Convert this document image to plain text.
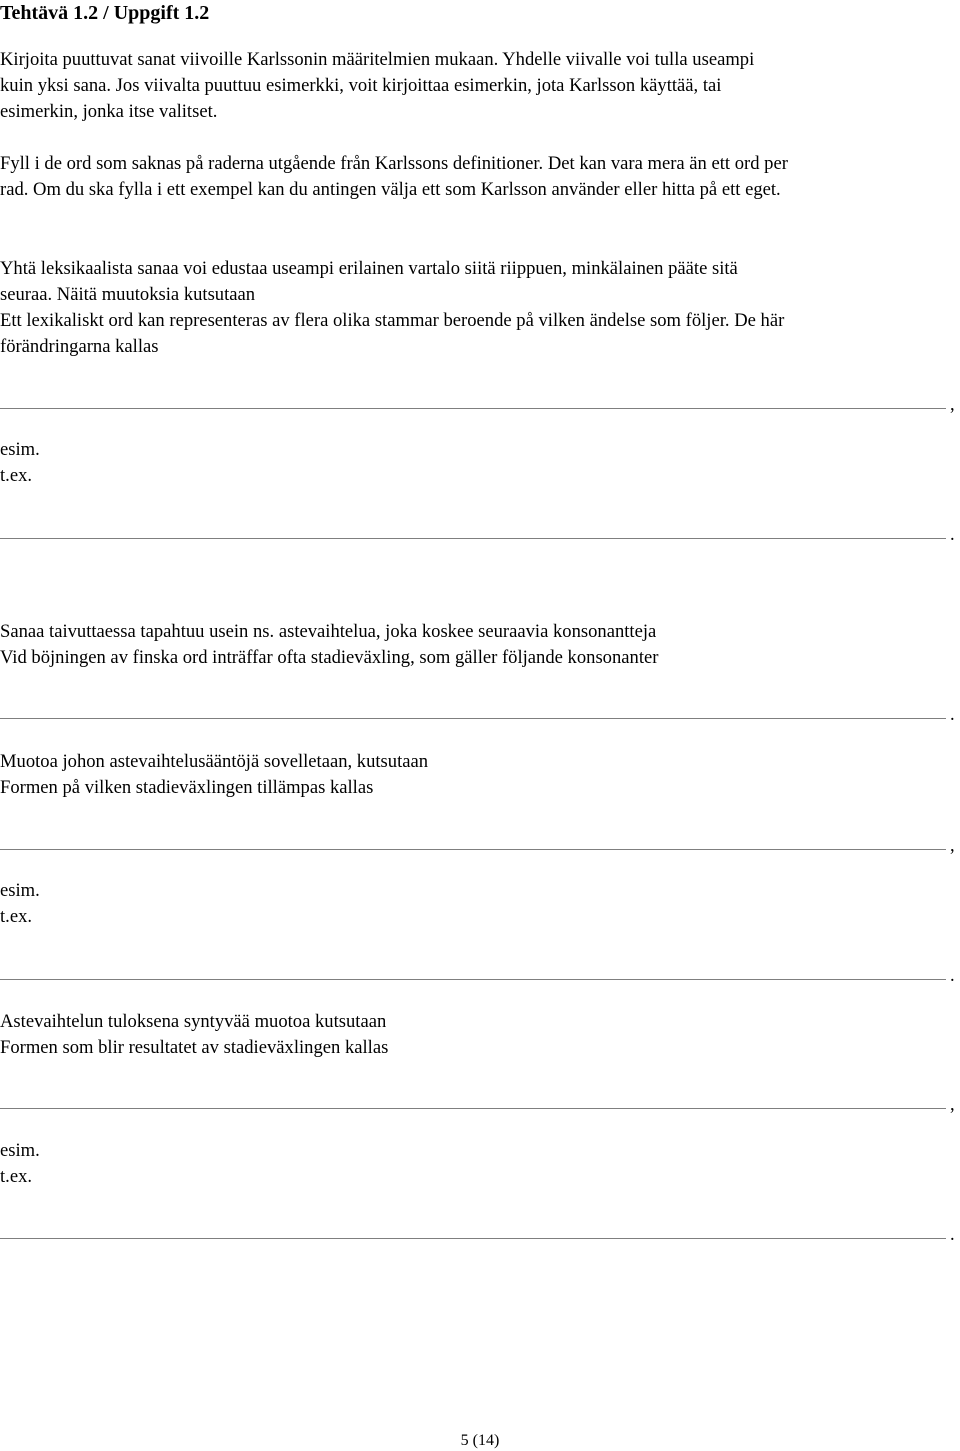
Tehtävä 1.2 / Uppgift 1.2
Kirjoita puuttuvat sanat viivoille Karlssonin määritelmien mukaan. Yhdelle viivalle voi tulla useampi
kuin yksi sana. Jos viivalta puuttuu esimerkki, voit kirjoittaa esimerkin, jota Karlsson käyttää, tai
esimerkin, jonka itse valitset.
Fyll i de ord som saknas på raderna utgående från Karlssons definitioner. Det kan vara mera än ett ord per
rad. Om du ska fylla i ett exempel kan du antingen välja ett som Karlsson använder eller hitta på ett eget.
Yhtä leksikaalista sanaa voi edustaa useampi erilainen vartalo siitä riippuen, minkälainen pääte sitä
seuraa. Näitä muutoksia kutsutaan
Ett lexikaliskt ord kan representeras av flera olika stammar beroende på vilken ändelse som följer. De här
förändringarna kallas
,
esim.
t.ex.
.
Sanaa taivuttaessa tapahtuu usein ns. astevaihtelua, joka koskee seuraavia konsonantteja
Vid böjningen av finska ord inträffar ofta stadieväxling, som gäller följande konsonanter
.
Muotoa johon astevaihtelusääntöjä sovelletaan, kutsutaan
Formen på vilken stadieväxlingen tillämpas kallas
,
esim.
t.ex.
.
Astevaihtelun tuloksena syntyvää muotoa kutsutaan
Formen som blir resultatet av stadieväxlingen kallas
,
esim.
t.ex.
.
5 (14)
